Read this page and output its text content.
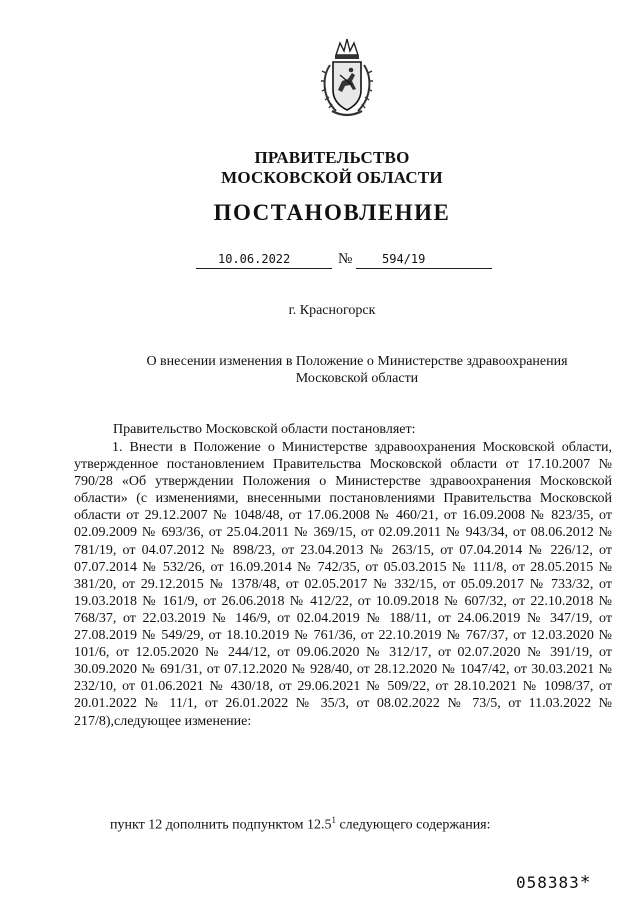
ПРАВИТЕЛЬСТВО
МОСКОВСКОЙ ОБЛАСТИ
ПОСТАНОВЛЕНИЕ
10.06.2022	№	594/19
г. Красногорск
О внесении изменения в Положение о Министерстве здравоохранения Московской области
Правительство Московской области постановляет:

1. Внести в Положение о Министерстве здравоохранения Московской области, утвержденное постановлением Правительства Московской области от 17.10.2007 № 790/28 «Об утверждении Положения о Министерстве здравоохранения Московской области» (с изменениями, внесенными постановлениями Правительства Московской области от 29.12.2007 № 1048/48, от 17.06.2008 № 460/21, от 16.09.2008 № 823/35, от 02.09.2009 № 693/36, от 25.04.2011 № 369/15, от 02.09.2011 № 943/34, от 08.06.2012 № 781/19, от 04.07.2012 № 898/23, от 23.04.2013 № 263/15, от 07.04.2014 № 226/12, от 07.07.2014 № 532/26, от 16.09.2014 № 742/35, от 05.03.2015 № 111/8, от 28.05.2015 № 381/20, от 29.12.2015 № 1378/48, от 02.05.2017 № 332/15, от 05.09.2017 № 733/32, от 19.03.2018 № 161/9, от 26.06.2018 № 412/22, от 10.09.2018 № 607/32, от 22.10.2018 № 768/37, от 22.03.2019 № 146/9, от 02.04.2019 № 188/11, от 24.06.2019 № 347/19, от 27.08.2019 № 549/29, от 18.10.2019 № 761/36, от 22.10.2019 № 767/37, от 12.03.2020 № 101/6, от 12.05.2020 № 244/12, от 09.06.2020 № 312/17, от 02.07.2020 № 391/19, от 30.09.2020 № 691/31, от 07.12.2020 № 928/40, от 28.12.2020 № 1047/42, от 30.03.2021 № 232/10, от 01.06.2021 № 430/18, от 29.06.2021 № 509/22, от 28.10.2021 № 1098/37, от 20.01.2022 № 11/1, от 26.01.2022 № 35/3, от 08.02.2022 № 73/5, от 11.03.2022 № 217/8),следующее изменение:

пункт 12 дополнить подпунктом 12.5$^1$ следующего содержания:
058383*
